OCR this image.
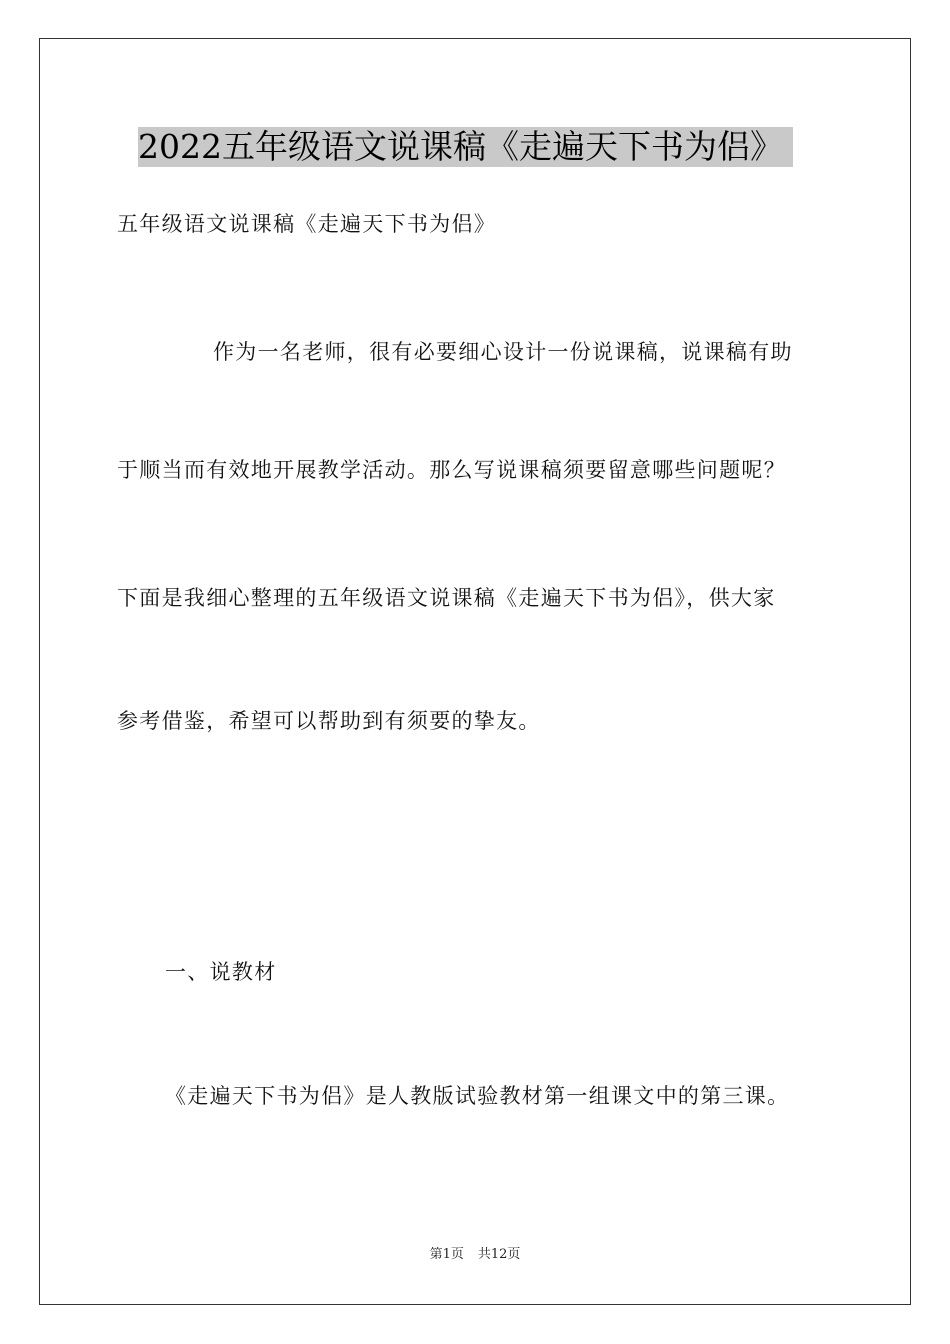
2022五年级语文说课稿《走遍天下书为侣》
五年级语文说课稿《走遍天下书为侣》
作为一名老师，很有必要细心设计一份说课稿，说课稿有助
于顺当而有效地开展教学活动。那么写说课稿须要留意哪些问题呢？
下面是我细心整理的五年级语文说课稿《走遍天下书为侣》，供大家
参考借鉴，希望可以帮助到有须要的挚友。
一、说教材
《走遍天下书为侣》是人教版试验教材第一组课文中的第三课。
第1页 共12页
